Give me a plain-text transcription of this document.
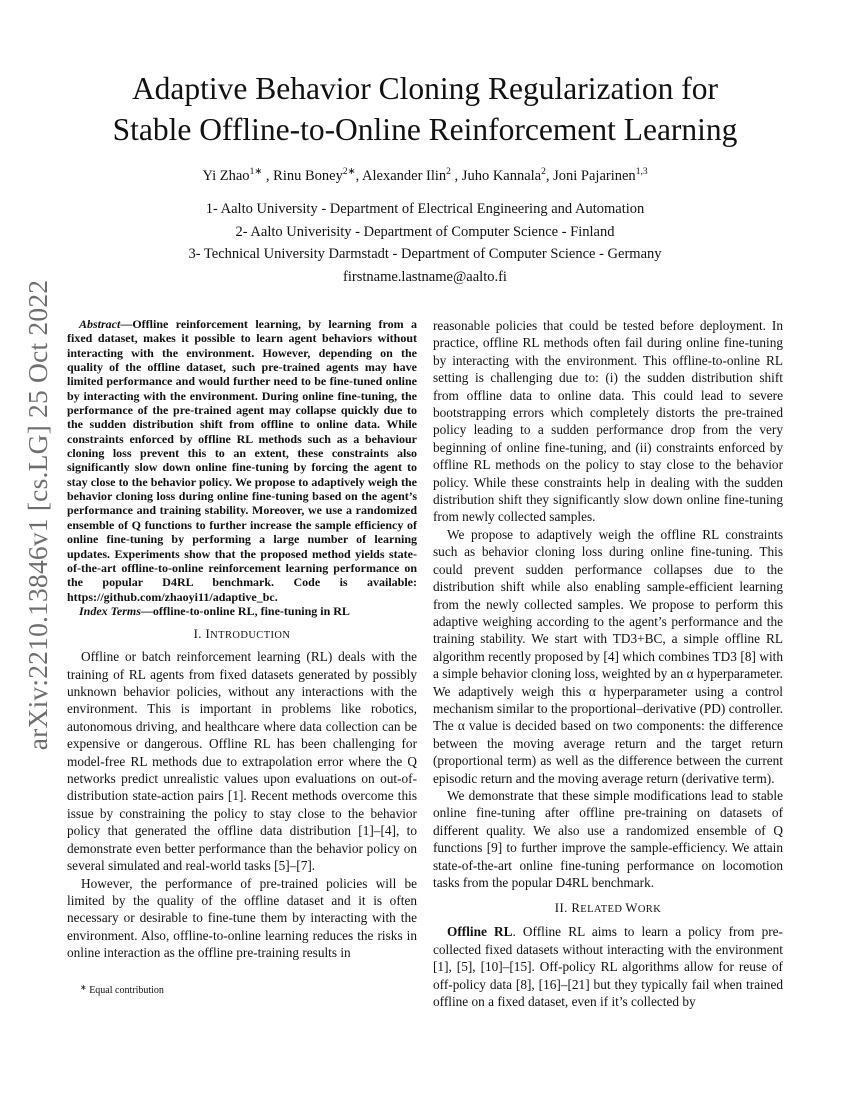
arXiv:2210.13846v1 [cs.LG] 25 Oct 2022
Adaptive Behavior Cloning Regularization for
Stable Offline-to-Online Reinforcement Learning
Yi Zhao$^{1∗}$ , Rinu Boney$^{2∗}$, Alexander Ilin$^2$ , Juho Kannala$^2$, Joni Pajarinen$^{1,3}$
1- Aalto University - Department of Electrical Engineering and Automation
2- Aalto Univerisity - Department of Computer Science - Finland
3- Technical University Darmstadt - Department of Computer Science - Germany
firstname.lastname@aalto.fi

Abstract—Offline reinforcement learning, by learning from a fixed dataset, makes it possible to learn agent behaviors without interacting with the environment. However, depending on the quality of the offline dataset, such pre-trained agents may have limited performance and would further need to be fine-tuned online by interacting with the environment. During online fine-tuning, the performance of the pre-trained agent may collapse quickly due to the sudden distribution shift from offline to online data. While constraints enforced by offline RL methods such as a behaviour cloning loss prevent this to an extent, these constraints also significantly slow down online fine-tuning by forcing the agent to stay close to the behavior policy. We propose to adaptively weigh the behavior cloning loss during online fine-tuning based on the agent’s performance and training stability. Moreover, we use a randomized ensemble of Q functions to further increase the sample efficiency of online fine-tuning by performing a large number of learning updates. Experiments show that the proposed method yields state-of-the-art offline-to-online reinforcement learning performance on the popular D4RL benchmark. Code is available: https://github.com/zhaoyi11/adaptive_bc.

Index Terms—offline-to-online RL, fine-tuning in RL

I. INTRODUCTION

Offline or batch reinforcement learning (RL) deals with the training of RL agents from fixed datasets generated by possibly unknown behavior policies, without any interactions with the environment. This is important in problems like robotics, autonomous driving, and healthcare where data collection can be expensive or dangerous. Offline RL has been challenging for model-free RL methods due to extrapolation error where the Q networks predict unrealistic values upon evaluations on out-of-distribution state-action pairs [1]. Recent methods overcome this issue by constraining the policy to stay close to the behavior policy that generated the offline data distribution [1]–[4], to demonstrate even better performance than the behavior policy on several simulated and real-world tasks [5]–[7].

However, the performance of pre-trained policies will be limited by the quality of the offline dataset and it is often necessary or desirable to fine-tune them by interacting with the environment. Also, offline-to-online learning reduces the risks in online interaction as the offline pre-training results in

reasonable policies that could be tested before deployment. In practice, offline RL methods often fail during online fine-tuning by interacting with the environment. This offline-to-online RL setting is challenging due to: (i) the sudden distribution shift from offline data to online data. This could lead to severe bootstrapping errors which completely distorts the pre-trained policy leading to a sudden performance drop from the very beginning of online fine-tuning, and (ii) constraints enforced by offline RL methods on the policy to stay close to the behavior policy. While these constraints help in dealing with the sudden distribution shift they significantly slow down online fine-tuning from newly collected samples.

We propose to adaptively weigh the offline RL constraints such as behavior cloning loss during online fine-tuning. This could prevent sudden performance collapses due to the distribution shift while also enabling sample-efficient learning from the newly collected samples. We propose to perform this adaptive weighing according to the agent’s performance and the training stability. We start with TD3+BC, a simple offline RL algorithm recently proposed by [4] which combines TD3 [8] with a simple behavior cloning loss, weighted by an α hyperparameter. We adaptively weigh this α hyperparameter using a control mechanism similar to the proportional–derivative (PD) controller. The α value is decided based on two components: the difference between the moving average return and the target return (proportional term) as well as the difference between the current episodic return and the moving average return (derivative term).

We demonstrate that these simple modifications lead to stable online fine-tuning after offline pre-training on datasets of different quality. We also use a randomized ensemble of Q functions [9] to further improve the sample-efficiency. We attain state-of-the-art online fine-tuning performance on locomotion tasks from the popular D4RL benchmark.

II. RELATED WORK

Offline RL. Offline RL aims to learn a policy from pre-collected fixed datasets without interacting with the environment [1], [5], [10]–[15]. Off-policy RL algorithms allow for reuse of off-policy data [8], [16]–[21] but they typically fail when trained offline on a fixed dataset, even if it’s collected by

∗ Equal contribution
